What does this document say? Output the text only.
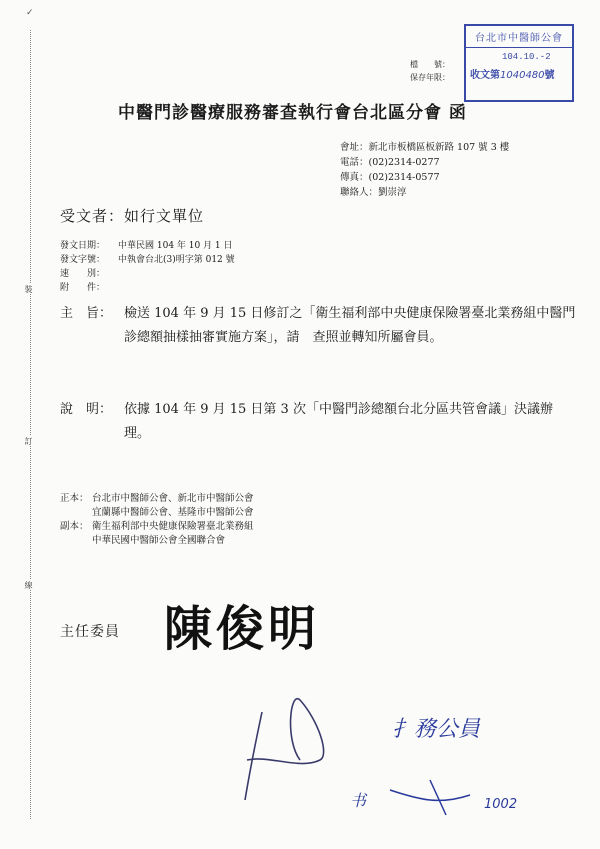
✓
裝
訂
線
檔　　號：
保存年限：
台北市中醫師公會
104.10.-2
收文第1040480號
中醫門診醫療服務審查執行會台北區分會 函
會址：新北市板橋區板新路 107 號 3 樓
電話：(02)2314-0277
傳真：(02)2314-0577
聯絡人：劉崇淳
受文者：如行文單位
發文日期：	中華民國 104 年 10 月 1 日
發文字號：	中執會台北(3)明字第 012 號
速　　別：
附　　件：
主　旨： 檢送 104 年 9 月 15 日修訂之「衛生福利部中央健康保險署臺北業務組中醫門診總額抽樣抽審實施方案」，請　查照並轉知所屬會員。
說　明： 依據 104 年 9 月 15 日第 3 次「中醫門診總額台北分區共管會議」決議辦理。
正本： 台北市中醫師公會、新北市中醫師公會
宜蘭縣中醫師公會、基隆市中醫師公會
副本： 衛生福利部中央健康保險署臺北業務組
中華民國中醫師公會全國聯合會
主任委員 陳俊明
扌務公員
书	1002
